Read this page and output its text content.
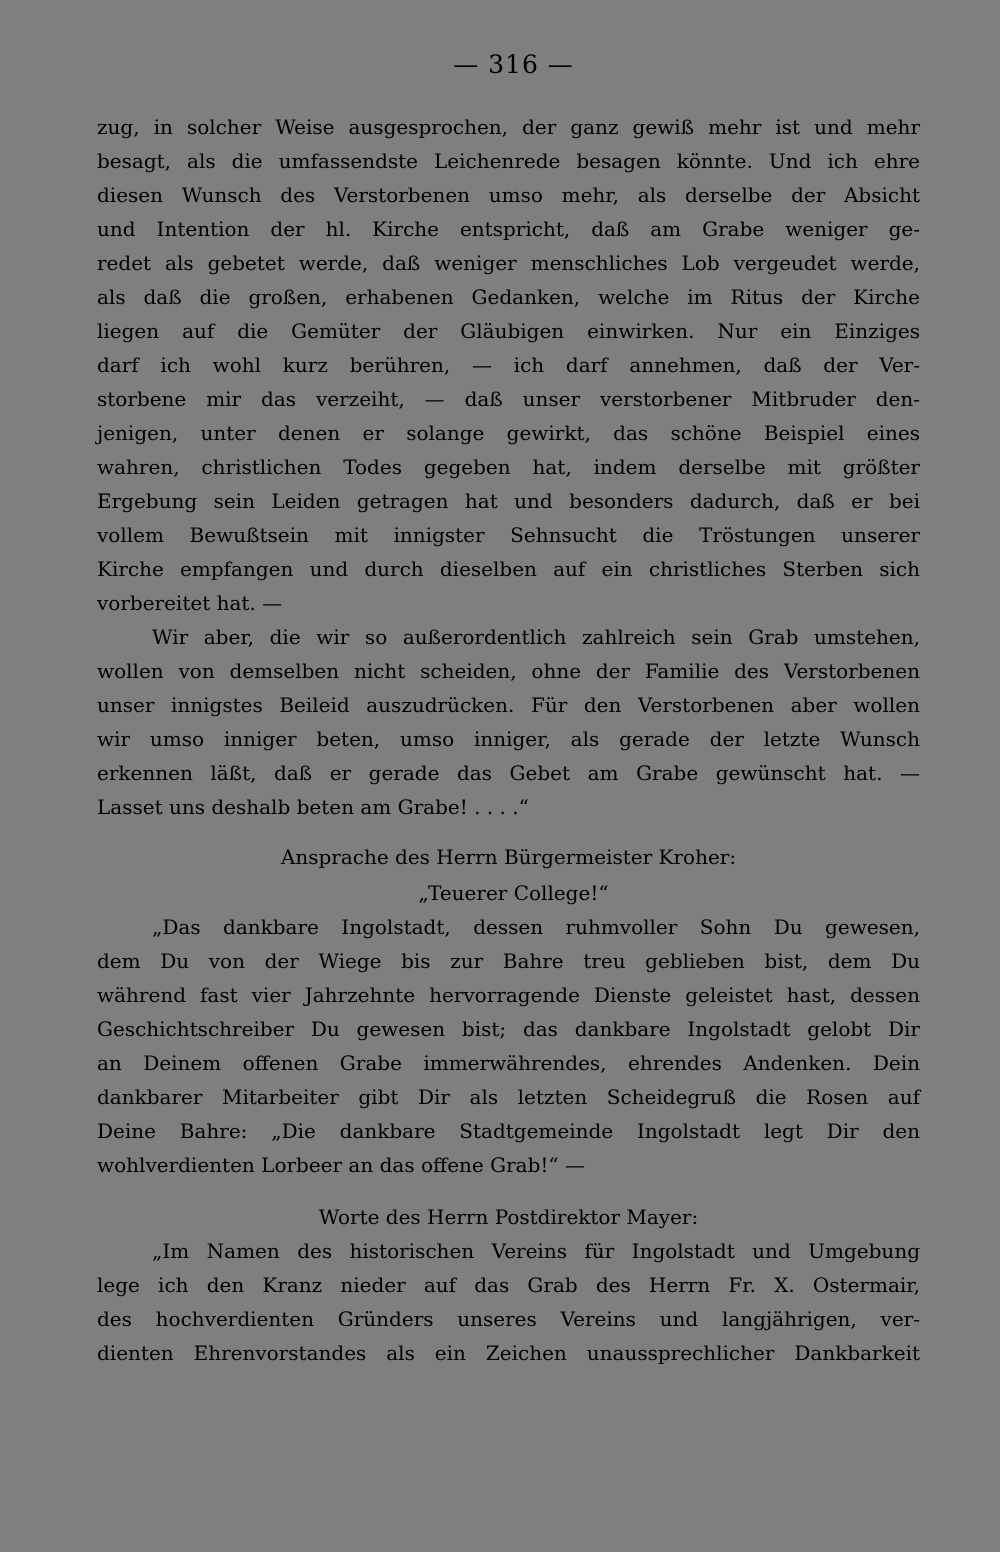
— 316 —

zug, in solcher Weise ausgesprochen, der ganz gewiß mehr ist und mehr
besagt, als die umfassendste Leichenrede besagen könnte. Und ich ehre
diesen Wunsch des Verstorbenen umso mehr, als derselbe der Absicht
und Intention der hl. Kirche entspricht, daß am Grabe weniger ge-
redet als gebetet werde, daß weniger menschliches Lob vergeudet werde,
als daß die großen, erhabenen Gedanken, welche im Ritus der Kirche
liegen auf die Gemüter der Gläubigen einwirken. Nur ein Einziges
darf ich wohl kurz berühren, — ich darf annehmen, daß der Ver-
storbene mir das verzeiht, — daß unser verstorbener Mitbruder den-
jenigen, unter denen er solange gewirkt, das schöne Beispiel eines
wahren, christlichen Todes gegeben hat, indem derselbe mit größter
Ergebung sein Leiden getragen hat und besonders dadurch, daß er bei
vollem Bewußtsein mit innigster Sehnsucht die Tröstungen unserer
Kirche empfangen und durch dieselben auf ein christliches Sterben sich
vorbereitet hat. —

Wir aber, die wir so außerordentlich zahlreich sein Grab umstehen,
wollen von demselben nicht scheiden, ohne der Familie des Verstorbenen
unser innigstes Beileid auszudrücken. Für den Verstorbenen aber wollen
wir umso inniger beten, umso inniger, als gerade der letzte Wunsch
erkennen läßt, daß er gerade das Gebet am Grabe gewünscht hat. —
Lasset uns deshalb beten am Grabe! . . . .“

Ansprache des Herrn Bürgermeister Kroher:
„Teuerer College!“

„Das dankbare Ingolstadt, dessen ruhmvoller Sohn Du gewesen,
dem Du von der Wiege bis zur Bahre treu geblieben bist, dem Du
während fast vier Jahrzehnte hervorragende Dienste geleistet hast, dessen
Geschichtschreiber Du gewesen bist; das dankbare Ingolstadt gelobt Dir
an Deinem offenen Grabe immerwährendes, ehrendes Andenken. Dein
dankbarer Mitarbeiter gibt Dir als letzten Scheidegruß die Rosen auf
Deine Bahre: „Die dankbare Stadtgemeinde Ingolstadt legt Dir den
wohlverdienten Lorbeer an das offene Grab!“ —

Worte des Herrn Postdirektor Mayer:

„Im Namen des historischen Vereins für Ingolstadt und Umgebung
lege ich den Kranz nieder auf das Grab des Herrn Fr. X. Ostermair,
des hochverdienten Gründers unseres Vereins und langjährigen, ver-
dienten Ehrenvorstandes als ein Zeichen unaussprechlicher Dankbarkeit
